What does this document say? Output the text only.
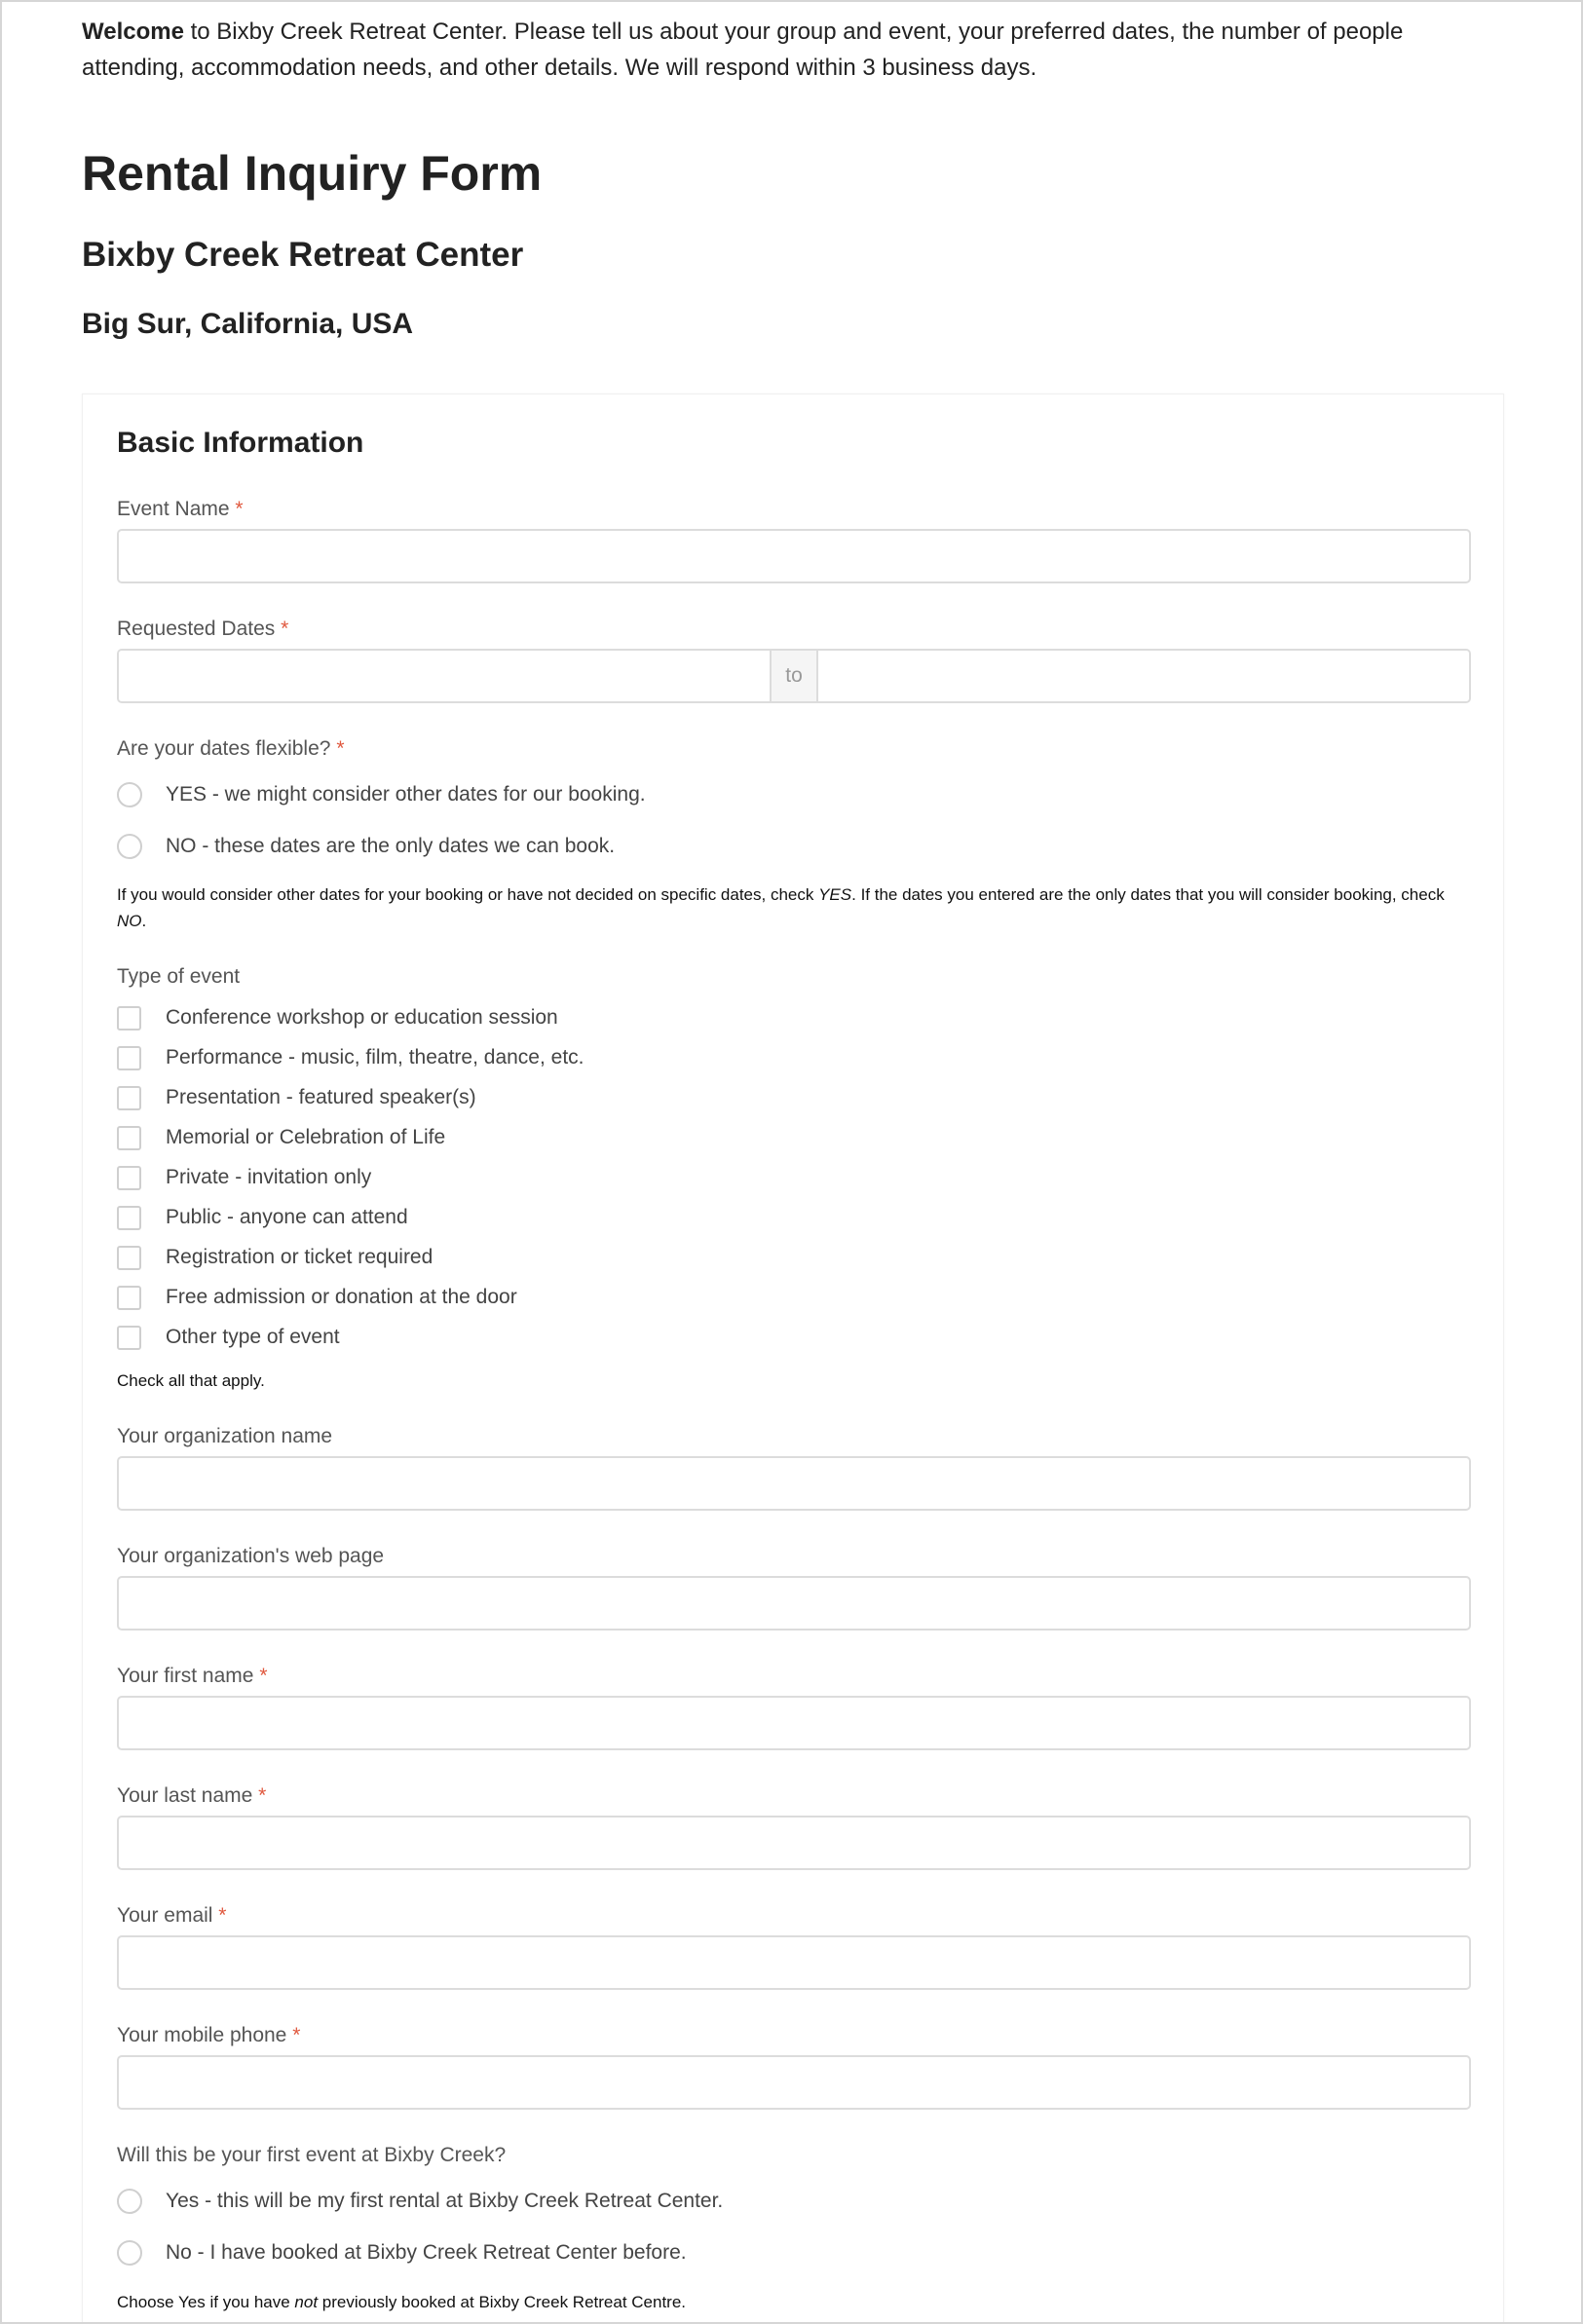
Welcome to Bixby Creek Retreat Center. Please tell us about your group and event, your preferred dates, the number of people attending, accommodation needs, and other details. We will respond within 3 business days.

Rental Inquiry Form
Bixby Creek Retreat Center
Big Sur, California, USA
Basic Information

Event Name *

Requested Dates *

to

Are your dates flexible? *

YES - we might consider other dates for our booking.
NO - these dates are the only dates we can book.

If you would consider other dates for your booking or have not decided on specific dates, check YES. If the dates you entered are the only dates that you will consider booking, check NO.

Type of event

Conference workshop or education session
Performance - music, film, theatre, dance, etc.
Presentation - featured speaker(s)
Memorial or Celebration of Life
Private - invitation only
Public - anyone can attend
Registration or ticket required
Free admission or donation at the door
Other type of event

Check all that apply.

Your organization name

Your organization's web page

Your first name *

Your last name *

Your email *

Your mobile phone *

Will this be your first event at Bixby Creek?

Yes - this will be my first rental at Bixby Creek Retreat Center.
No - I have booked at Bixby Creek Retreat Center before.

Choose Yes if you have not previously booked at Bixby Creek Retreat Centre.
